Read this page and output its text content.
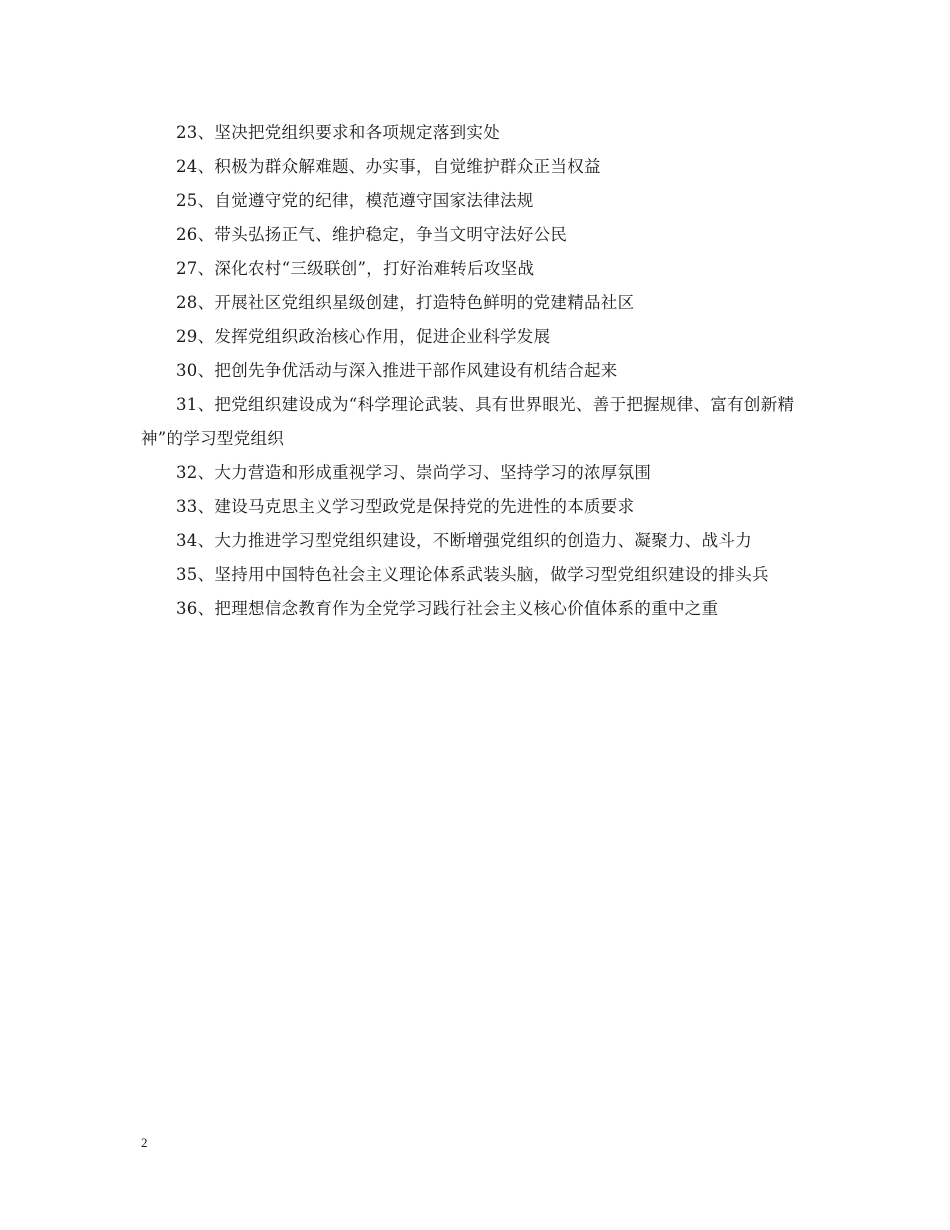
23、坚决把党组织要求和各项规定落到实处

24、积极为群众解难题、办实事，自觉维护群众正当权益

25、自觉遵守党的纪律，模范遵守国家法律法规

26、带头弘扬正气、维护稳定，争当文明守法好公民

27、深化农村“三级联创”，打好治难转后攻坚战

28、开展社区党组织星级创建，打造特色鲜明的党建精品社区

29、发挥党组织政治核心作用，促进企业科学发展

30、把创先争优活动与深入推进干部作风建设有机结合起来

31、把党组织建设成为“科学理论武装、具有世界眼光、善于把握规律、富有创新精神”的学习型党组织

32、大力营造和形成重视学习、崇尚学习、坚持学习的浓厚氛围

33、建设马克思主义学习型政党是保持党的先进性的本质要求

34、大力推进学习型党组织建设，不断增强党组织的创造力、凝聚力、战斗力

35、坚持用中国特色社会主义理论体系武装头脑，做学习型党组织建设的排头兵

36、把理想信念教育作为全党学习践行社会主义核心价值体系的重中之重

2
